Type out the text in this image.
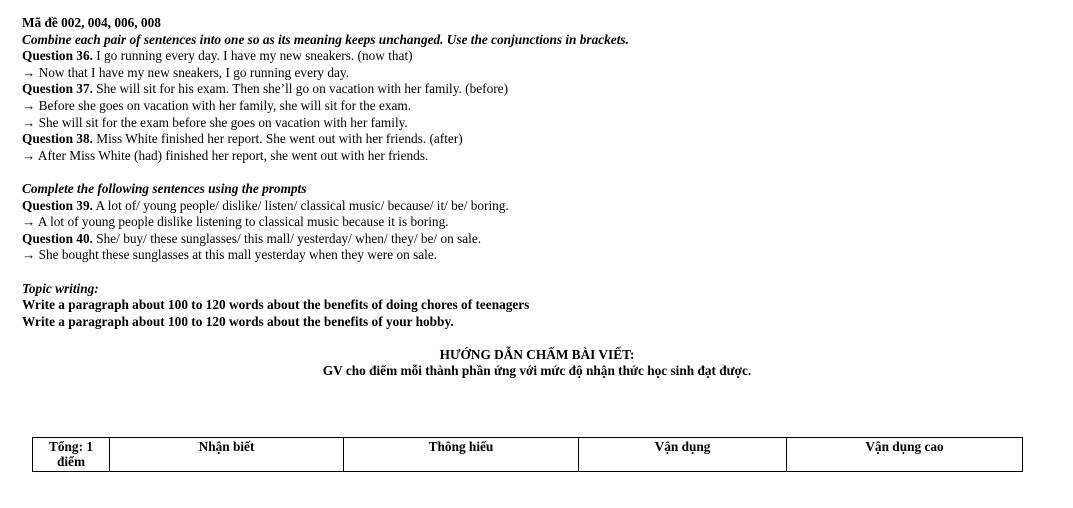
Mã đề 002, 004, 006, 008
Combine each pair of sentences into one so as its meaning keeps unchanged. Use the conjunctions in brackets.
Question 36. I go running every day. I have my new sneakers. (now that)
→ Now that I have my new sneakers, I go running every day.
Question 37. She will sit for his exam. Then she’ll go on vacation with her family. (before)
→ Before she goes on vacation with her family, she will sit for the exam.
→ She will sit for the exam before she goes on vacation with her family.
Question 38. Miss White finished her report. She went out with her friends. (after)
→ After Miss White (had) finished her report, she went out with her friends.
Complete the following sentences using the prompts
Question 39. A lot of/ young people/ dislike/ listen/ classical music/ because/ it/ be/ boring.
→ A lot of young people dislike listening to classical music because it is boring.
Question 40. She/ buy/ these sunglasses/ this mall/ yesterday/ when/ they/ be/ on sale.
→ She bought these sunglasses at this mall yesterday when they were on sale.
Topic writing:
Write a paragraph about 100 to 120 words about the benefits of doing chores of teenagers
Write a paragraph about 100 to 120 words about the benefits of your hobby.
HƯỚNG DẪN CHẤM BÀI VIẾT:
GV cho điểm mỗi thành phần ứng với mức độ nhận thức học sinh đạt được.
Tổng: 1
điểm	Nhận biết	Thông hiểu	Vận dụng	Vận dụng cao
